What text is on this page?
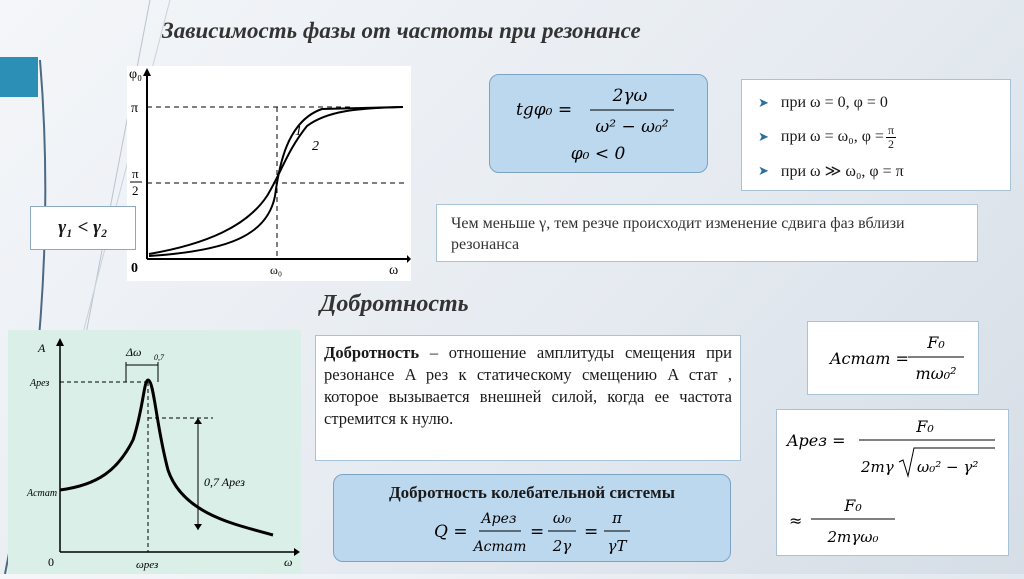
Зависимость фазы от частоты при резонансе
φ₀
π
π
2
0	ω₀	ω
1
2
γ₁ < γ₂
tgφ₀ =
2γω
ω² − ω₀²
φ₀ < 0
➤ при ω = 0, φ = 0
➤ при ω = ω₀, $\varphi = \frac{\pi}{2}$
➤ при ω ≫ ω₀, φ = π
Чем меньше γ, тем резче происходит изменение сдвига фаз вблизи резонанса
Добротность
A
Aрез
Aстат
Δω 0,7
0,7 Aрез
0	ωрез	ω
Добротность – отношение амплитуды смещения при резонансе A рез к статическому смещению A стат , которое вызывается внешней силой, когда ее частота стремится к нулю.
Добротность колебательной системы
Q =
Aрез
Aстат
=
ω₀
2γ
=
π
γT
Aстат =
F₀
mω₀²
Aрез =
F₀
2mγ ω₀² − γ²
≈
F₀
2mγω₀
